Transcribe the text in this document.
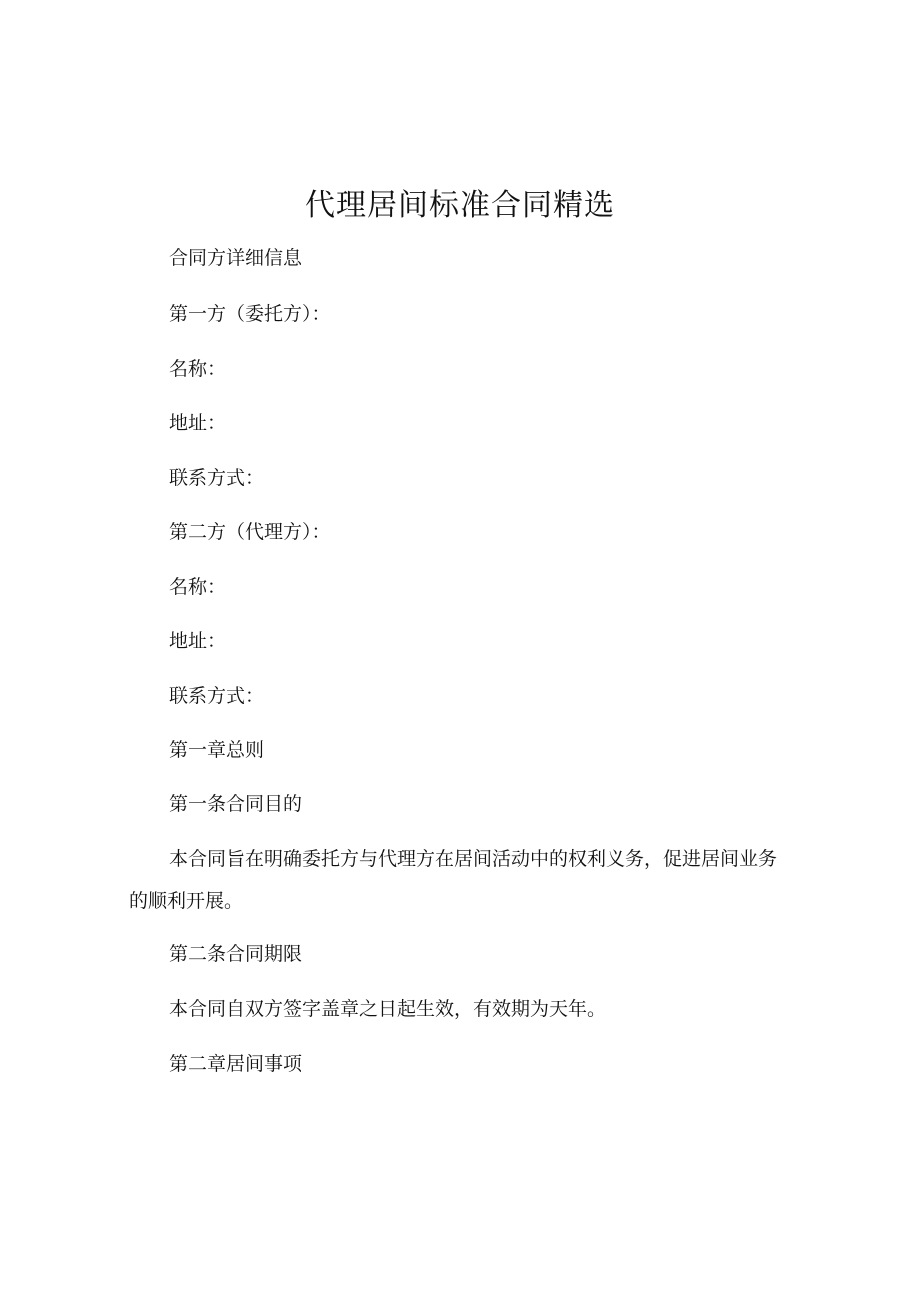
代理居间标准合同精选
合同方详细信息
第一方（委托方）：
名称：
地址：
联系方式：
第二方（代理方）：
名称：
地址：
联系方式：
第一章总则
第一条合同目的
本合同旨在明确委托方与代理方在居间活动中的权利义务，促进居间业务的顺利开展。
第二条合同期限
本合同自双方签字盖章之日起生效，有效期为天年。
第二章居间事项
